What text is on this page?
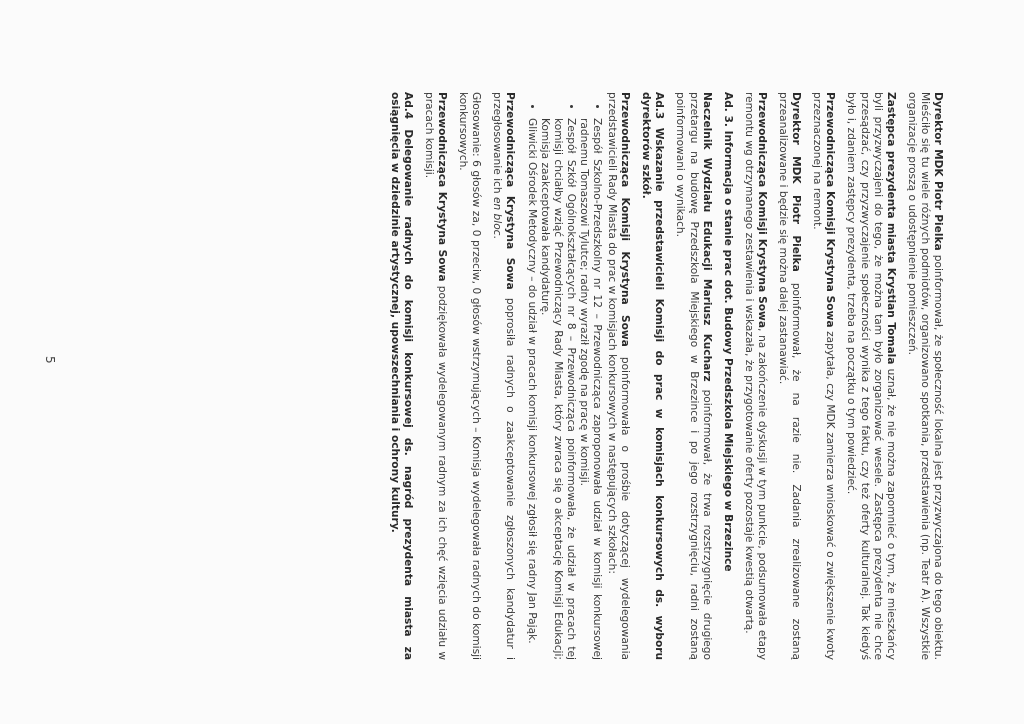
Dyrektor MDK Piotr Pielka poinformował, że społeczność lokalna jest przyzwyczajona do tego obiektu. Mieściło się tu wiele różnych podmiotów, organizowano spotkania, przedstawienia (np. Teatr A). Wszystkie organizacje proszą o udostępnienie pomieszczeń.

Zastępca prezydenta miasta Krystian Tomala uznał, że nie można zapomnieć o tym, że mieszkańcy byli przyzwyczajeni do tego, że można tam było zorganizować wesele. Zastępca prezydenta nie chce przesądzać, czy przyzwyczajenie społeczności wynika z tego faktu, czy też oferty kulturalnej. Tak kiedyś było i, zdaniem zastępcy prezydenta, trzeba na początku o tym powiedzieć.

Przewodnicząca Komisji Krystyna Sowa zapytała, czy MDK zamierza wnioskować o zwiększenie kwoty przeznaczonej na remont.

Dyrektor MDK Piotr Pielka poinformował, że na razie nie. Zadania zrealizowane zostaną przeanalizowane i będzie się można dalej zastanawiać.

Przewodnicząca Komisji Krystyna Sowa, na zakończenie dyskusji w tym punkcie, podsumowała etapy remontu wg otrzymanego zestawienia i wskazała, że przygotowanie oferty pozostaje kwestią otwartą.

Ad. 3. Informacja o stanie prac dot. Budowy Przedszkola Miejskiego w Brzezince

Naczelnik Wydziału Edukacji Mariusz Kucharz poinformował, że trwa rozstrzygnięcie drugiego przetargu na budowę Przedszkola Miejskiego w Brzezince i po jego rozstrzygnięciu, radni zostaną poinformowani o wynikach.

Ad.3 Wskazanie przedstawicieli Komisji do prac w komisjach konkursowych ds. wyboru dyrektorów szkół.

Przewodnicząca Komisji Krystyna Sowa poinformowała o prośbie dotyczącej wydelegowania przedstawicieli Rady Miasta do prac w komisjach konkursowych w następujących szkołach:

• Zespół Szkolno-Przedszkolny nr 12 – Przewodnicząca zaproponowała udział w komisji konkursowej radnemu Tomaszowi Tylutce; radny wyraził zgodę na pracę w komisji.
• Zespół Szkół Ogólnokształcących nr 8 – Przewodnicząca poinformowała, że udział w pracach tej komisji chciałby wziąć Przewodniczący Rady Miasta, który zwraca się o akceptację Komisji Edukacji; Komisja zaakceptowała kandydaturę.
• Gliwicki Ośrodek Metodyczny – do udział w pracach komisji konkursowej zgłosił się radny Jan Pająk.

Przewodnicząca Krystyna Sowa poprosiła radnych o zaakceptowanie zgłoszonych kandydatur i przegłosowanie ich en bloc.

Głosowanie: 6 głosów za, 0 przeciw, 0 głosów wstrzymujących – Komisja wydelegowała radnych do komisji konkursowych.

Przewodnicząca Krystyna Sowa podziękowała wydelegowanym radnym za ich chęć wzięcia udziału w pracach komisji.

Ad.4 Delegowanie radnych do komisji konkursowej ds. nagród prezydenta miasta za osiągnięcia w dziedzinie artystycznej, upowszechniania i ochrony kultury.

5
